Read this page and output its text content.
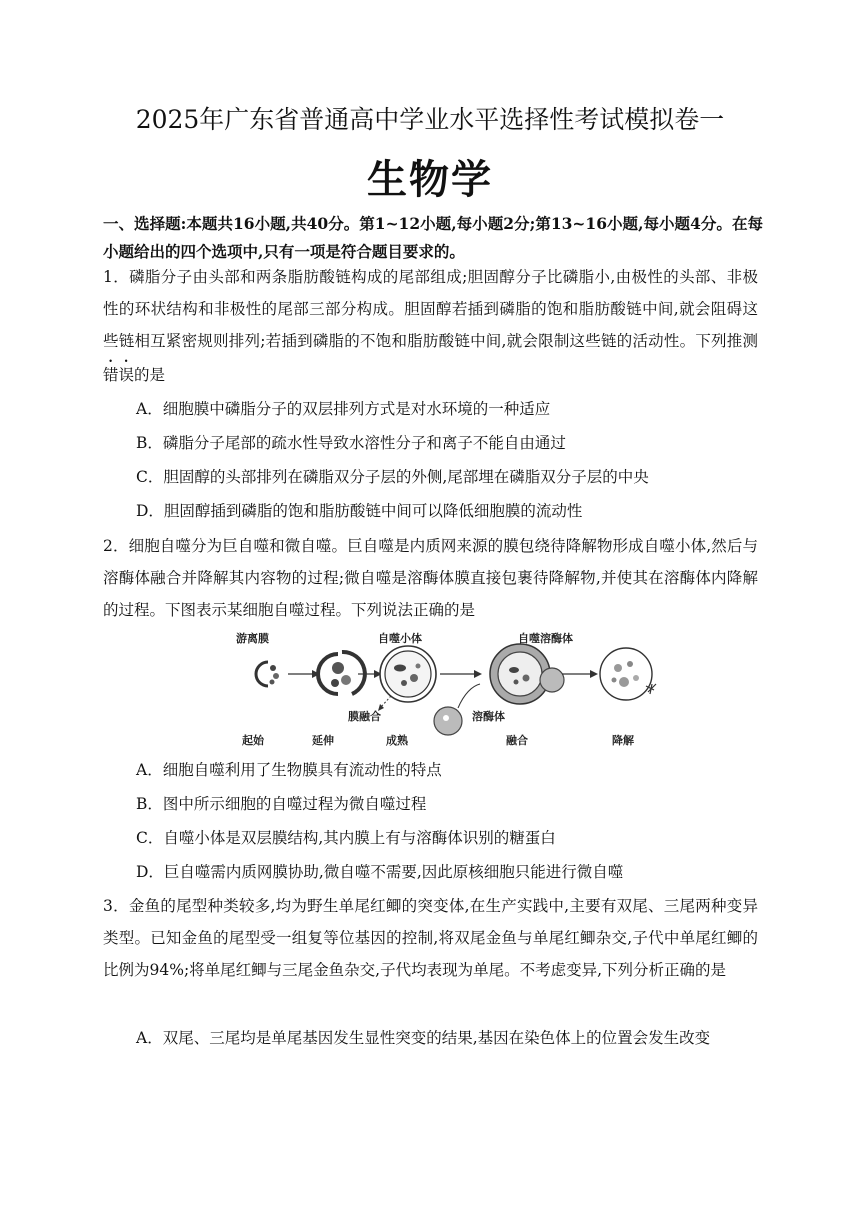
2025年广东省普通高中学业水平选择性考试模拟卷一
生物学
一、选择题:本题共16小题,共40分。第1~12小题,每小题2分;第13~16小题,每小题4分。在每小题给出的四个选项中,只有一项是符合题目要求的。
1．磷脂分子由头部和两条脂肪酸链构成的尾部组成;胆固醇分子比磷脂小,由极性的头部、非极性的环状结构和非极性的尾部三部分构成。胆固醇若插到磷脂的饱和脂肪酸链中间,就会阻碍这些链相互紧密规则排列;若插到磷脂的不饱和脂肪酸链中间,就会限制这些链的活动性。下列推测错误的是
A．细胞膜中磷脂分子的双层排列方式是对水环境的一种适应
B．磷脂分子尾部的疏水性导致水溶性分子和离子不能自由通过
C．胆固醇的头部排列在磷脂双分子层的外侧,尾部埋在磷脂双分子层的中央
D．胆固醇插到磷脂的饱和脂肪酸链中间可以降低细胞膜的流动性
2．细胞自噬分为巨自噬和微自噬。巨自噬是内质网来源的膜包绕待降解物形成自噬小体,然后与溶酶体融合并降解其内容物的过程;微自噬是溶酶体膜直接包裹待降解物,并使其在溶酶体内降解的过程。下图表示某细胞自噬过程。下列说法正确的是
游离膜	自噬小体	自噬溶酶体
膜融合	溶酶体
起始	延伸	成熟	融合	降解
A．细胞自噬利用了生物膜具有流动性的特点
B．图中所示细胞的自噬过程为微自噬过程
C．自噬小体是双层膜结构,其内膜上有与溶酶体识别的糖蛋白
D．巨自噬需内质网膜协助,微自噬不需要,因此原核细胞只能进行微自噬
3．金鱼的尾型种类较多,均为野生单尾红鲫的突变体,在生产实践中,主要有双尾、三尾两种变异类型。已知金鱼的尾型受一组复等位基因的控制,将双尾金鱼与单尾红鲫杂交,子代中单尾红鲫的比例为94%;将单尾红鲫与三尾金鱼杂交,子代均表现为单尾。不考虑变异,下列分析正确的是
A．双尾、三尾均是单尾基因发生显性突变的结果,基因在染色体上的位置会发生改变
